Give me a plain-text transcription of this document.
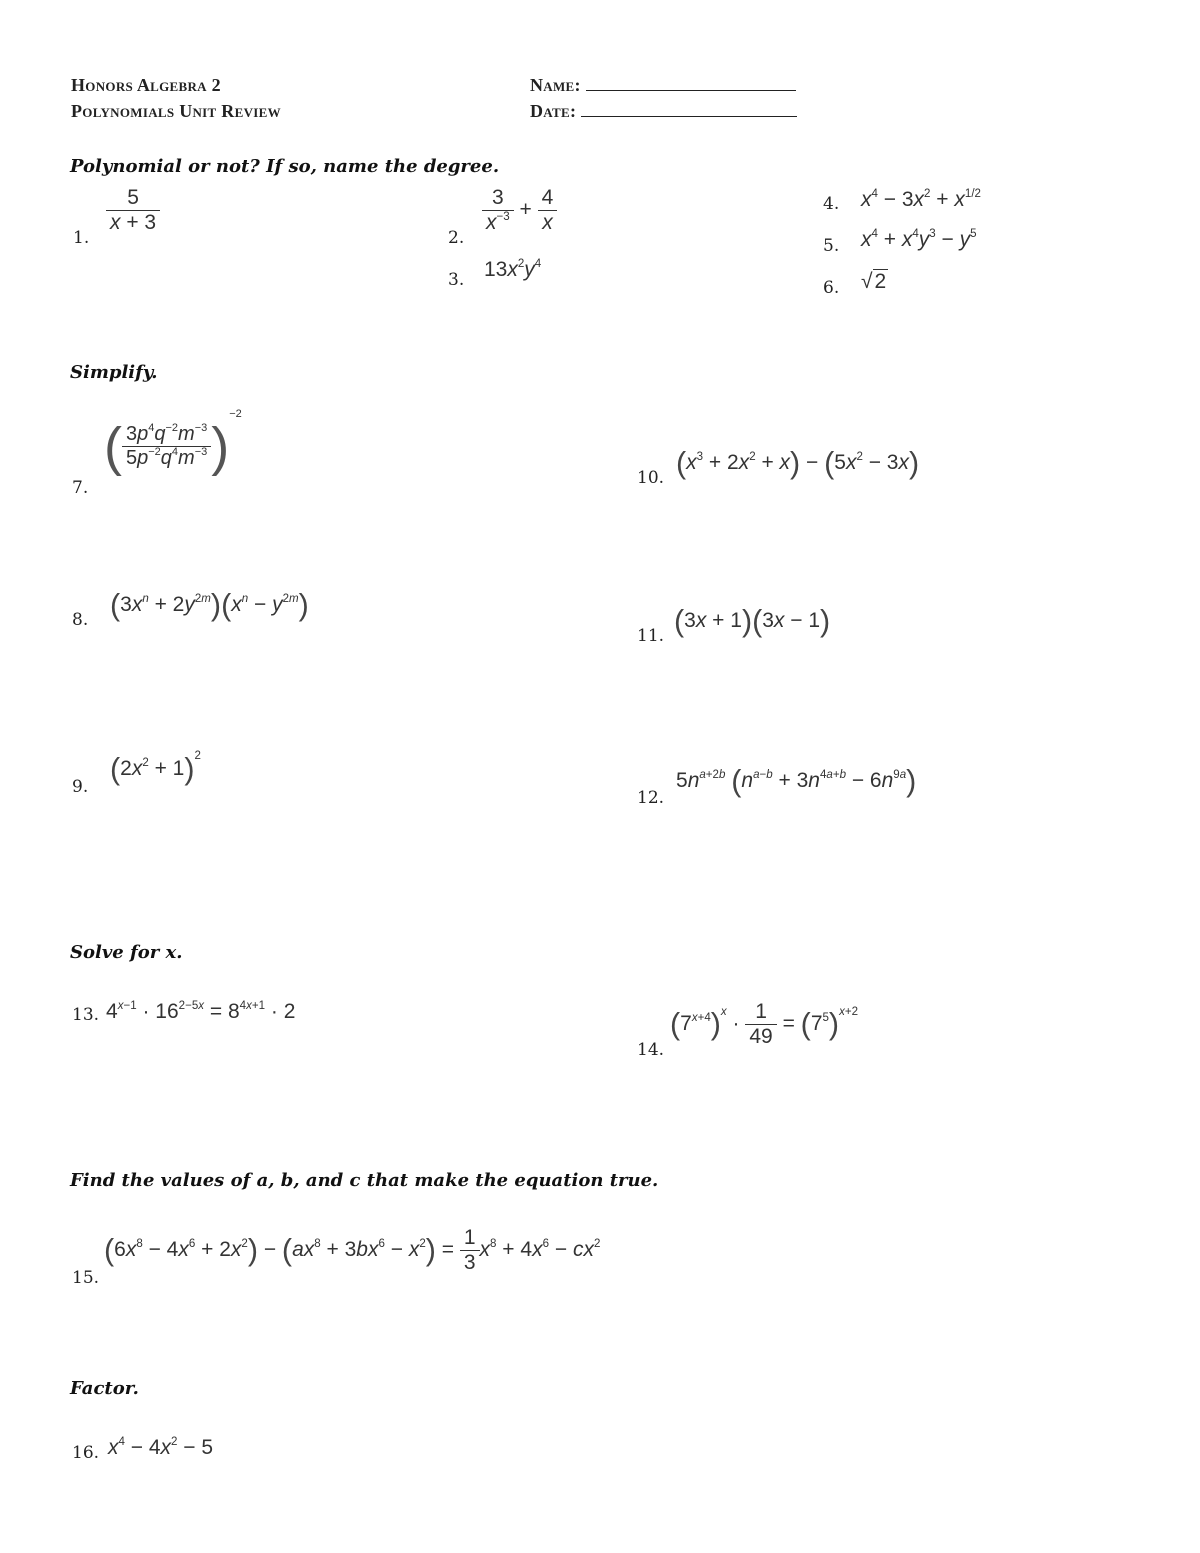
Honors Algebra 2
Polynomials Unit Review
Name:
Date:
Polynomial or not? If so, name the degree.
1.
$\frac{5}{x + 3}$
2.
$\frac{3}{x^{-3}} + \frac{4}{x}$
3. $13x^2y^4$
4. $x^4 - 3x^2 + x^{1/2}$
5. $x^4 + x^4y^3 - y^5$
6. √2
Simplify.
7.
( $\frac{3p^4q^{-2}m^{-3}}{5p^{-2}q^4m^{-3}} )^{-2}$
10. $(x^3 + 2x^2 + x) - (5x^2 - 3x)$
8. $(3x^n + 2y^{2m})(x^n - y^{2m})$
11. (3x + 1)(3x − 1)
9.
$(2x^2 + 1)^2$
12.
$5n^{a+2b}$ $(n^{a-b} + 3n^{4a+b} - 6n^{9a})$
Solve for x.
13. $4^{x-1} \cdot 16^{2-5x} = 8^{4x+1} \cdot 2$
14.
$(7^{x+4})^x \cdot \frac{1}{49} = (7^5)^{x+2}$
Find the values of a, b, and c that make the equation true.
15.
$(6x^8 - 4x^6 + 2x^2) - (ax^8 + 3bx^6 - x^2) = \frac{1}{3} x^8 + 4x^6 - cx^2$
Factor.
16. $x^4 - 4x^2 - 5$
